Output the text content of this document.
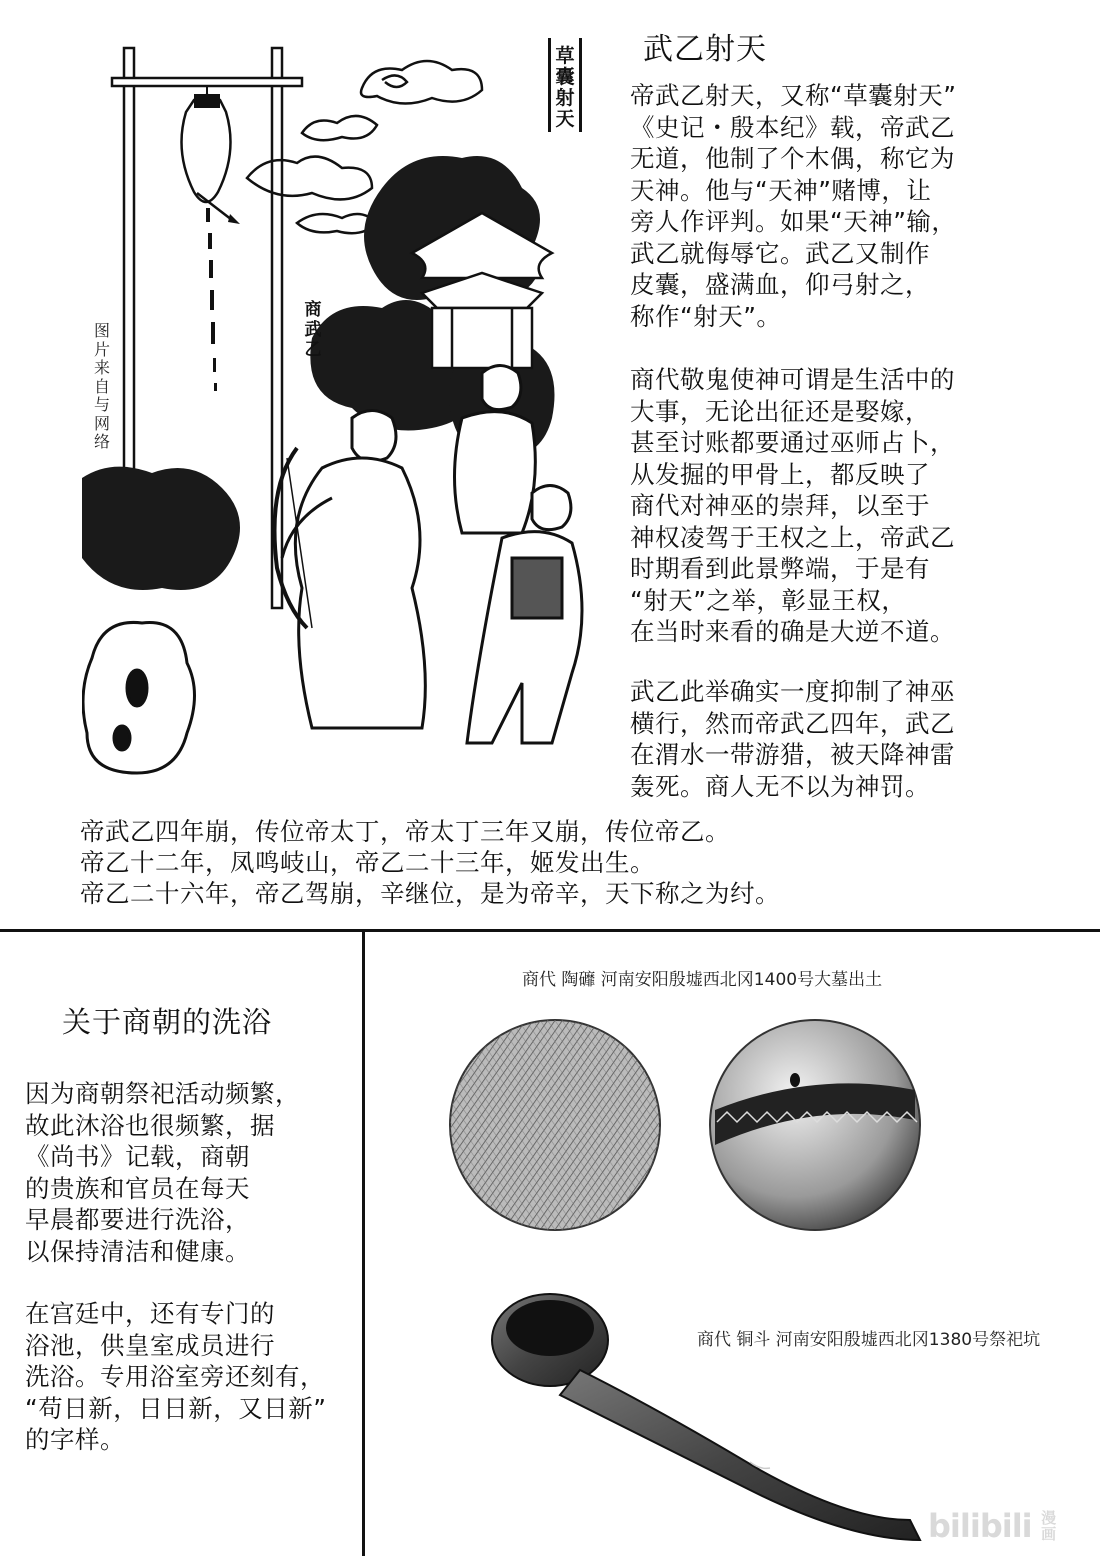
草囊射天
商武乙
图片来自与网络
武乙射天
帝武乙射天，又称“草囊射天”
《史记・殷本纪》载，帝武乙
无道，他制了个木偶，称它为
天神。他与“天神”赌博，让
旁人作评判。如果“天神”输，
武乙就侮辱它。武乙又制作
皮囊，盛满血，仰弓射之，
称作“射天”。
商代敬鬼使神可谓是生活中的
大事，无论出征还是娶嫁，
甚至讨账都要通过巫师占卜，
从发掘的甲骨上，都反映了
商代对神巫的崇拜，以至于
神权凌驾于王权之上，帝武乙
时期看到此景弊端，于是有
“射天”之举，彰显王权，
在当时来看的确是大逆不道。
武乙此举确实一度抑制了神巫
横行，然而帝武乙四年，武乙
在渭水一带游猎，被天降神雷
轰死。商人无不以为神罚。
帝武乙四年崩，传位帝太丁，帝太丁三年又崩，传位帝乙。
帝乙十二年，凤鸣岐山，帝乙二十三年，姬发出生。
帝乙二十六年，帝乙驾崩，辛继位，是为帝辛，天下称之为纣。
关于商朝的洗浴
因为商朝祭祀活动频繁，
故此沐浴也很频繁，据
《尚书》记载，商朝
的贵族和官员在每天
早晨都要进行洗浴，
以保持清洁和健康。
在宫廷中，还有专门的
浴池，供皇室成员进行
洗浴。专用浴室旁还刻有，
“苟日新，日日新，又日新”
的字样。
商代 陶䃺 河南安阳殷墟西北冈1400号大墓出土
商代 铜斗 河南安阳殷墟西北冈1380号祭祀坑
bilibili 漫画
